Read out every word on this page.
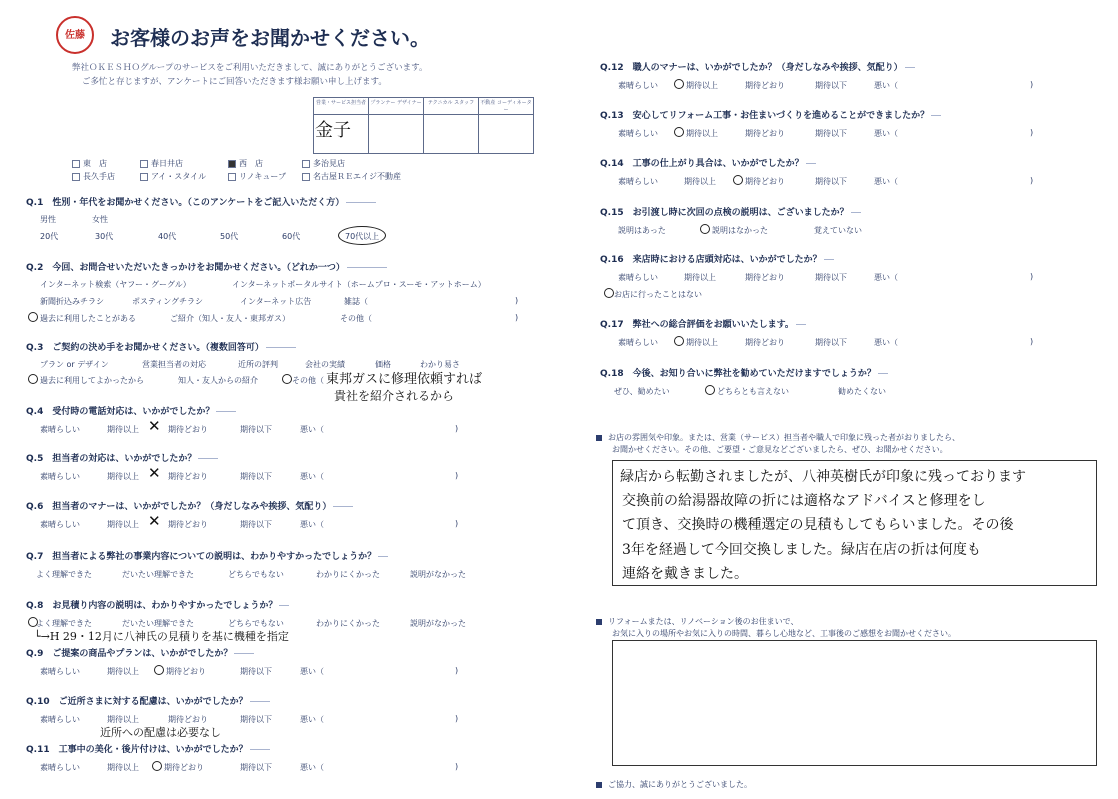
佐藤 お客様のお声をお聞かせください。
弊社ＯＫＥＳＨＯグループのサービスをご利用いただきまして、誠にありがとうございます。
ご多忙と存じますが、アンケートにご回答いただきます様お願い申し上げます。
営業・サービス担当者	プランナー デザイナー	テクニカル スタッフ	不動産 コーディネーター
金子			
東　店	春日井店	西　店	多治見店
長久手店	アイ・スタイル	リノキューブ	名古屋ＲＥエイジ不動産
Q.1　性別・年代をお聞かせください。（このアンケートをご記入いただく方）
男性	女性
20代	30代	40代	50代	60代	70代以上
Q.2　今回、お問合せいただいたきっかけをお聞かせください。（どれか一つ）
インターネット検索（ヤフー・グーグル）	インターネットポータルサイト（ホームプロ・スーモ・アットホーム）
新聞折込みチラシ	ポスティングチラシ	インターネット広告	雑誌（	)
過去に利用したことがある	ご紹介（知人・友人・東邦ガス）	その他（	)
Q.3　ご契約の決め手をお聞かせください。（複数回答可）
プラン or デザイン	営業担当者の対応	近所の評判	会社の実績	価格	わかり易さ
過去に利用してよかったから	知人・友人からの紹介	その他（ 東邦ガスに修理依頼すれば
貴社を紹介されるから
Q.4　受付時の電話対応は、いかがでしたか？
素晴らしい	期待以上	期待どおり	期待以下	悪い（	)
✕
Q.5　担当者の対応は、いかがでしたか？
素晴らしい	期待以上	期待どおり	期待以下	悪い（	)
✕
Q.6　担当者のマナーは、いかがでしたか？（身だしなみや挨拶、気配り）
素晴らしい	期待以上	期待どおり	期待以下	悪い（	)
✕
Q.7　担当者による弊社の事業内容についての説明は、わかりやすかったでしょうか？
よく理解できた	だいたい理解できた	どちらでもない	わかりにくかった	説明がなかった
Q.8　お見積り内容の説明は、わかりやすかったでしょうか？
よく理解できた	だいたい理解できた	どちらでもない	わかりにくかった	説明がなかった
└→H 29・12月に八神氏の見積りを基に機種を指定
Q.9　ご提案の商品やプランは、いかがでしたか？
素晴らしい	期待以上	期待どおり	期待以下	悪い（	)
Q.10　ご近所さまに対する配慮は、いかがでしたか？
素晴らしい	期待以上	期待どおり	期待以下	悪い（	)
近所への配慮は必要なし
Q.11　工事中の美化・後片付けは、いかがでしたか？
素晴らしい	期待以上	期待どおり	期待以下	悪い（	)
Q.12　職人のマナーは、いかがでしたか？（身だしなみや挨拶、気配り）
素晴らしい	期待以上	期待どおり	期待以下	悪い（	)
Q.13　安心してリフォーム工事・お住まいづくりを進めることができましたか？
素晴らしい	期待以上	期待どおり	期待以下	悪い（	)
Q.14　工事の仕上がり具合は、いかがでしたか？
素晴らしい	期待以上	期待どおり	期待以下	悪い（	)
Q.15　お引渡し時に次回の点検の説明は、ございましたか？
説明はあった	説明はなかった	覚えていない
Q.16　来店時における店頭対応は、いかがでしたか？
素晴らしい	期待以上	期待どおり	期待以下	悪い（	)
お店に行ったことはない
Q.17　弊社への総合評価をお願いいたします。
素晴らしい	期待以上	期待どおり	期待以下	悪い（	)
Q.18　今後、お知り合いに弊社を勧めていただけますでしょうか？
ぜひ、勧めたい	どちらとも言えない	勧めたくない
お店の雰囲気や印象。または、営業（サービス）担当者や職人で印象に残った者がおりましたら、
お聞かせください。その他、ご要望・ご意見などございましたら、ぜひ、お聞かせください。
緑店から転勤されましたが、八神英樹氏が印象に残っております
交換前の給湯器故障の折には適格なアドバイスと修理をし
て頂き、交換時の機種選定の見積もしてもらいました。その後
3年を経過して今回交換しました。緑店在店の折は何度も
連絡を戴きました。
リフォームまたは、リノベーション後のお住まいで、
お気に入りの場所やお気に入りの時間、暮らし心地など、工事後のご感想をお聞かせください。
ご協力、誠にありがとうございました。
